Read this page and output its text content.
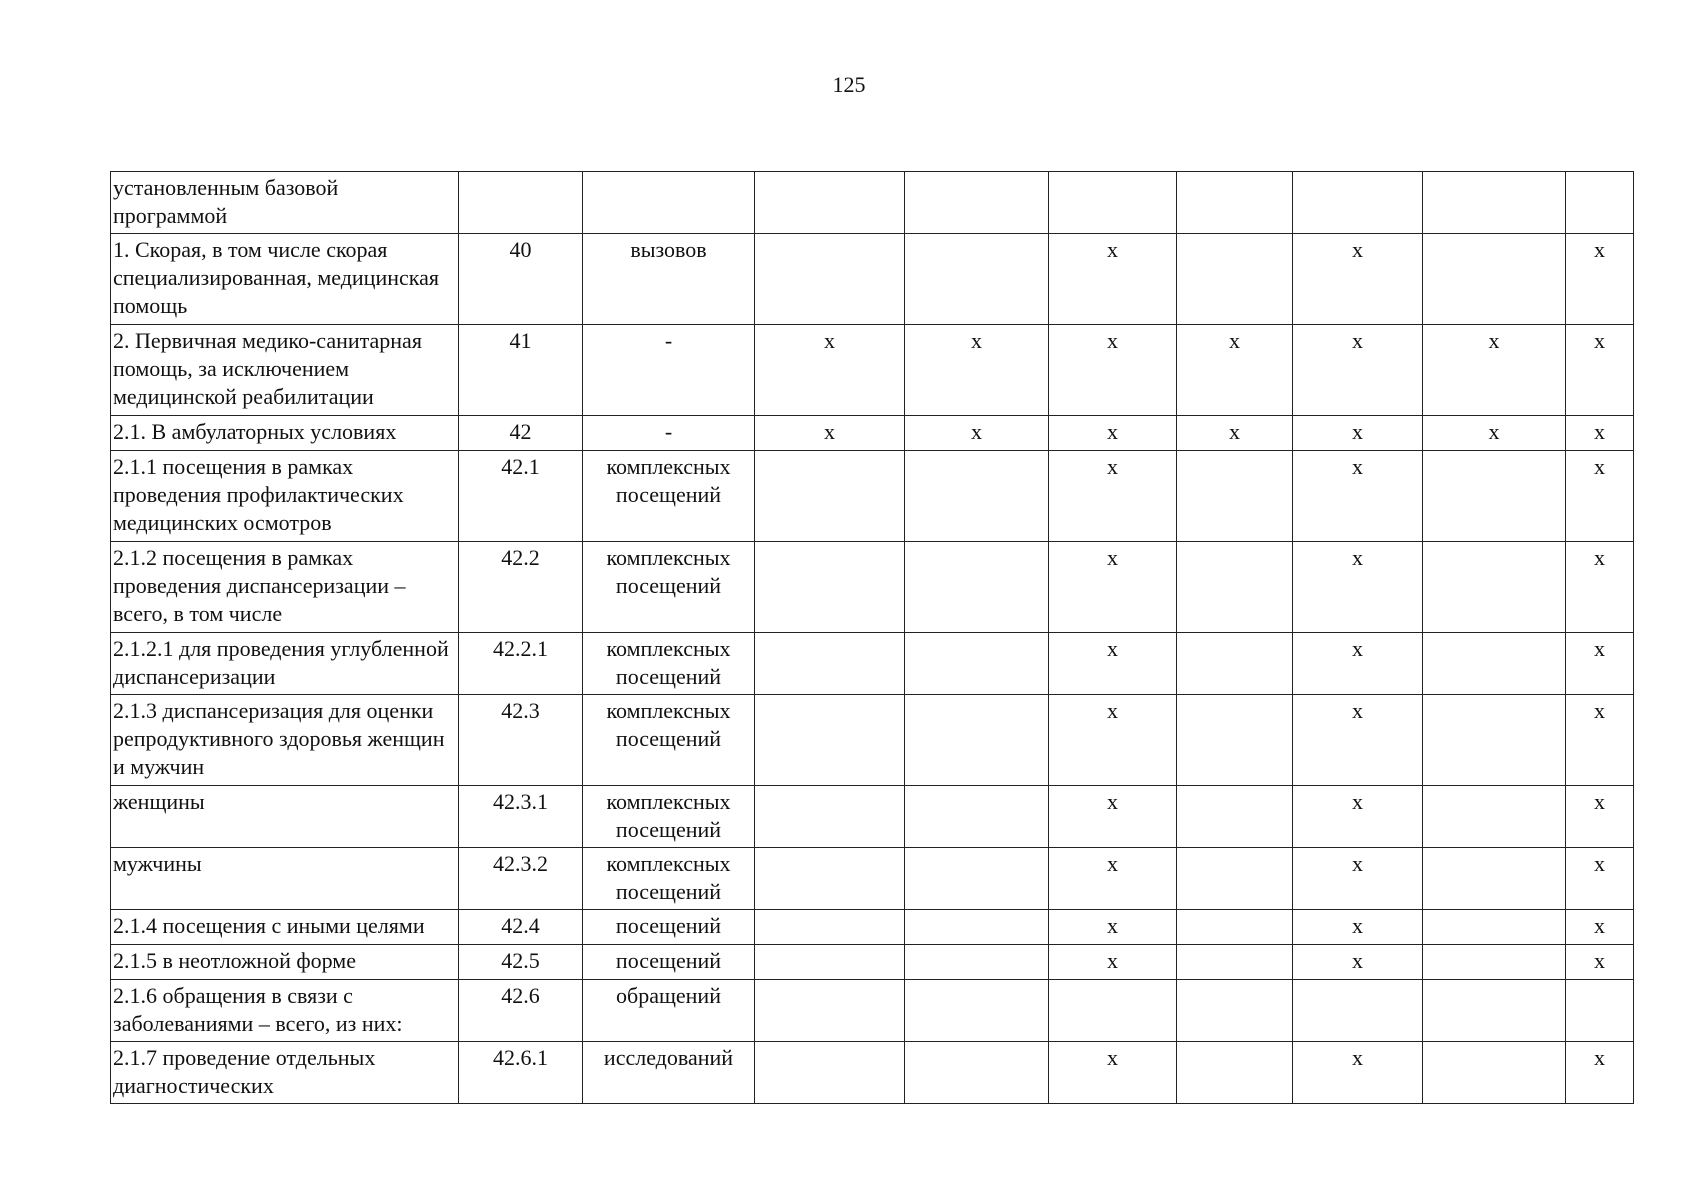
125
установленным базовой программой									
1. Скорая, в том числе скорая специализированная, медицинская помощь	40	вызовов			х		х		х
2. Первичная медико-санитарная помощь, за исключением медицинской реабилитации	41	-	х	х	х	х	х	х	х
2.1. В амбулаторных условиях	42	-	х	х	х	х	х	х	х
2.1.1 посещения в рамках проведения профилактических медицинских осмотров	42.1	комплексных посещений			х		х		х
2.1.2 посещения в рамках проведения диспансеризации – всего, в том числе	42.2	комплексных посещений			х		х		х
2.1.2.1 для проведения углубленной диспансеризации	42.2.1	комплексных посещений			х		х		х
2.1.3 диспансеризация для оценки репродуктивного здоровья женщин и мужчин	42.3	комплексных посещений			х		х		х
женщины	42.3.1	комплексных посещений			х		х		х
мужчины	42.3.2	комплексных посещений			х		х		х
2.1.4 посещения с иными целями	42.4	посещений			х		х		х
2.1.5 в неотложной форме	42.5	посещений			х		х		х
2.1.6 обращения в связи с заболеваниями – всего, из них:	42.6	обращений							
2.1.7 проведение отдельных диагностических	42.6.1	исследований			х		х		х
